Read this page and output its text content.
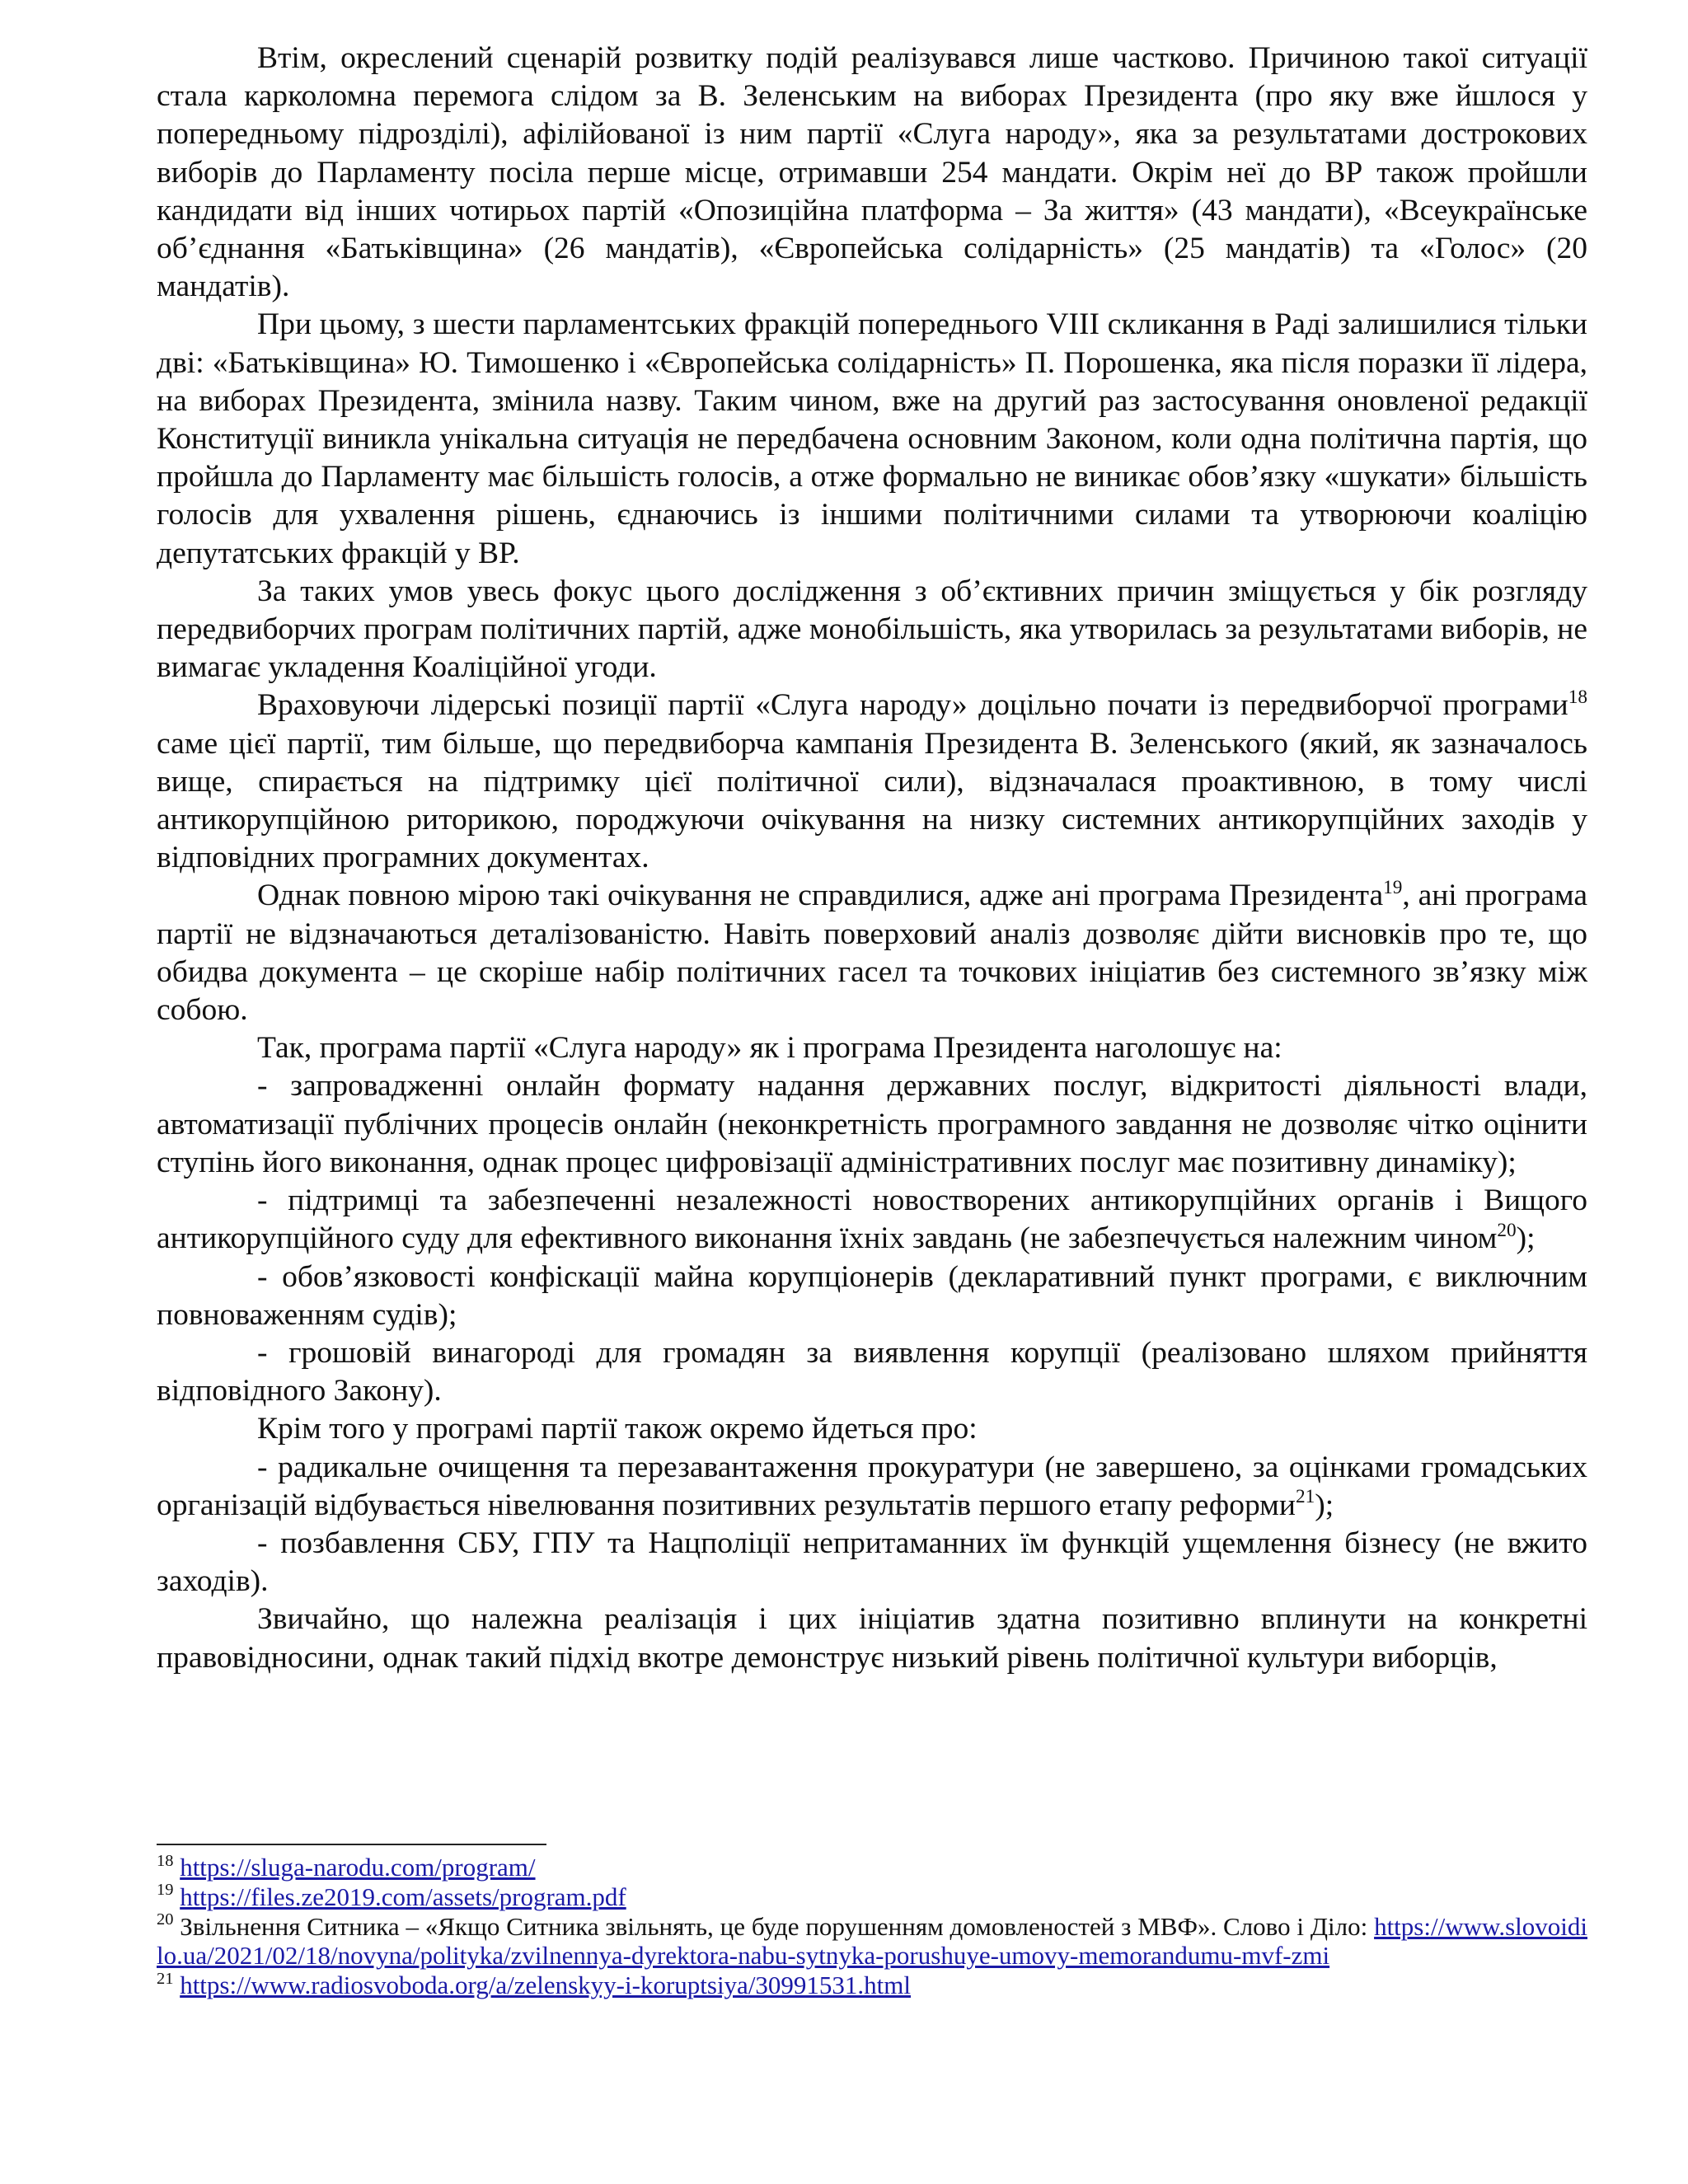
Втім, окреслений сценарій розвитку подій реалізувався лише частково. Причиною такої ситуації стала карколомна перемога слідом за В. Зеленським на виборах Президента (про яку вже йшлося у попередньому підрозділі), афілійованої із ним партії «Слуга народу», яка за результатами дострокових виборів до Парламенту посіла перше місце, отримавши 254 мандати. Окрім неї до ВР також пройшли кандидати від інших чотирьох партій «Опозиційна платформа – За життя» (43 мандати), «Всеукраїнське об’єднання «Батьківщина» (26 мандатів), «Європейська солідарність» (25 мандатів) та «Голос» (20 мандатів).

При цьому, з шести парламентських фракцій попереднього VIII скликання в Раді залишилися тільки дві: «Батьківщина» Ю. Тимошенко і «Європейська солідарність» П. Порошенка, яка після поразки її лідера, на виборах Президента, змінила назву. Таким чином, вже на другий раз застосування оновленої редакції Конституції виникла унікальна ситуація не передбачена основним Законом, коли одна політична партія, що пройшла до Парламенту має більшість голосів, а отже формально не виникає обов’язку «шукати» більшість голосів для ухвалення рішень, єднаючись із іншими політичними силами та утворюючи коаліцію депутатських фракцій у ВР.

За таких умов увесь фокус цього дослідження з об’єктивних причин зміщується у бік розгляду передвиборчих програм політичних партій, адже монобільшість, яка утворилась за результатами виборів, не вимагає укладення Коаліційної угоди.

Враховуючи лідерські позиції партії «Слуга народу» доцільно почати із передвиборчої програми$^{18}$ саме цієї партії, тим більше, що передвиборча кампанія Президента В. Зеленського (який, як зазначалось вище, спирається на підтримку цієї політичної сили), відзначалася проактивною, в тому числі антикорупційною риторикою, породжуючи очікування на низку системних антикорупційних заходів у відповідних програмних документах.

Однак повною мірою такі очікування не справдилися, адже ані програма Президента$^{19}$, ані програма партії не відзначаються деталізованістю. Навіть поверховий аналіз дозволяє дійти висновків про те, що обидва документа – це скоріше набір політичних гасел та точкових ініціатив без системного зв’язку між собою.

Так, програма партії «Слуга народу» як і програма Президента наголошує на:

- запровадженні онлайн формату надання державних послуг, відкритості діяльності влади, автоматизації публічних процесів онлайн (неконкретність програмного завдання не дозволяє чітко оцінити ступінь його виконання, однак процес цифровізації адміністративних послуг має позитивну динаміку);

- підтримці та забезпеченні незалежності новостворених антикорупційних органів і Вищого антикорупційного суду для ефективного виконання їхніх завдань (не забезпечується належним чином$^{20}$);

- обов’язковості конфіскації майна корупціонерів (декларативний пункт програми, є виключним повноваженням судів);

- грошовій винагороді для громадян за виявлення корупції (реалізовано шляхом прийняття відповідного Закону).

Крім того у програмі партії також окремо йдеться про:

- радикальне очищення та перезавантаження прокуратури (не завершено, за оцінками громадських організацій відбувається нівелювання позитивних результатів першого етапу реформи$^{21}$);

- позбавлення СБУ, ГПУ та Нацполіції непритаманних їм функцій ущемлення бізнесу (не вжито заходів).

Звичайно, що належна реалізація і цих ініціатив здатна позитивно вплинути на конкретні правовідносини, однак такий підхід вкотре демонструє низький рівень політичної культури виборців,

$^{18}$ https://sluga-narodu.com/program/

$^{19}$ https://files.ze2019.com/assets/program.pdf

$^{20}$ Звільнення Ситника – «Якщо Ситника звільнять, це буде порушенням домовленостей з МВФ». Слово і Діло: https://www.slovoidilo.ua/2021/02/18/novyna/polityka/zvilnennya-dyrektora-nabu-sytnyka-porushuye-umovy-memorandumu-mvf-zmi

$^{21}$ https://www.radiosvoboda.org/a/zelenskyy-i-koruptsiya/30991531.html
